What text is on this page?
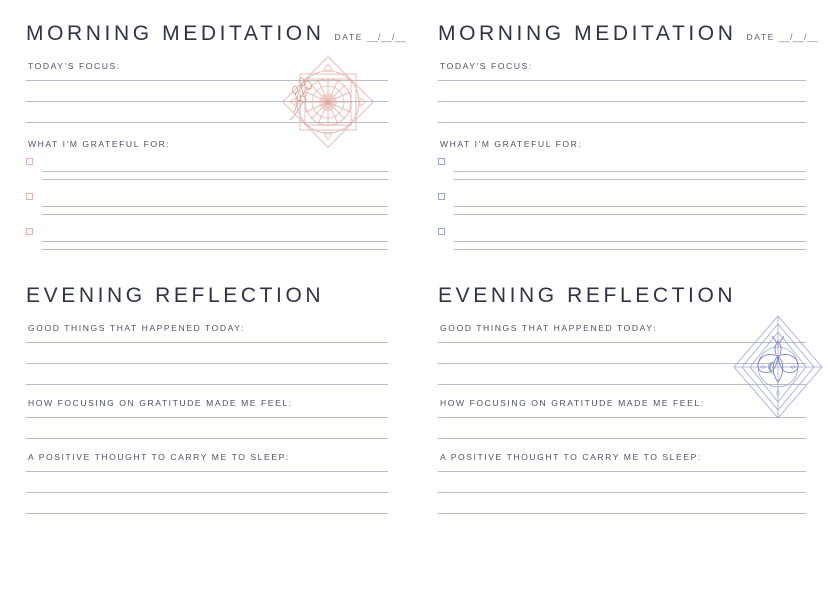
MORNING MEDITATION DATE __/__/__
TODAY'S FOCUS:
WHAT I'M GRATEFUL FOR:
EVENING REFLECTION
GOOD THINGS THAT HAPPENED TODAY:
HOW FOCUSING ON GRATITUDE MADE ME FEEL:
A POSITIVE THOUGHT TO CARRY ME TO SLEEP:
MORNING MEDITATION DATE __/__/__
TODAY'S FOCUS:
WHAT I'M GRATEFUL FOR:
EVENING REFLECTION
GOOD THINGS THAT HAPPENED TODAY:
HOW FOCUSING ON GRATITUDE MADE ME FEEL:
A POSITIVE THOUGHT TO CARRY ME TO SLEEP:
